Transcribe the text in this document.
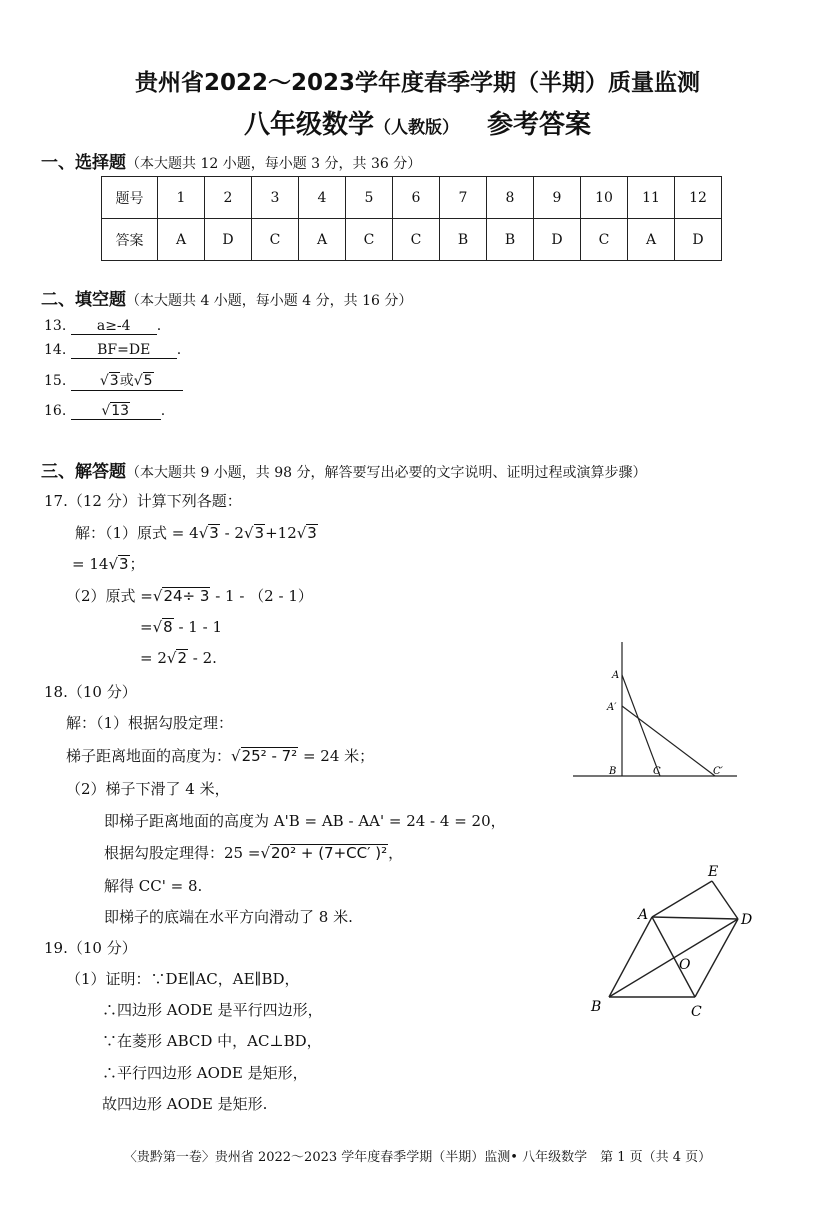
贵州省2022～2023学年度春季学期（半期）质量监测
八年级数学（人教版） 参考答案
一、选择题（本大题共 12 小题，每小题 3 分，共 36 分）
题号	1	2	3	4	5	6	7	8	9	10	11	12
答案	A	D	C	A	C	C	B	B	D	C	A	D
二、填空题（本大题共 4 小题，每小题 4 分，共 16 分）
13. a≥-4 .
14. BF=DE .
15. √3或√5
16.	√13 .
三、解答题（本大题共 9 小题，共 98 分，解答要写出必要的文字说明、证明过程或演算步骤）
17.（12 分）计算下列各题：
解：（1）原式 = 4√3 - 2√3+12√3
= 14√3；
（2）原式 =√24÷ 3 - 1 - （2 - 1）
=√8 - 1 - 1
= 2√2 - 2.
18.（10 分）
解：（1）根据勾股定理：
梯子距离地面的高度为：√25² - 7² = 24 米；
（2）梯子下滑了 4 米，
即梯子距离地面的高度为 A'B = AB - AA' = 24 - 4 = 20，
根据勾股定理得：25 =√20² + (7+CC′ )²，
解得 CC' = 8.
即梯子的底端在水平方向滑动了 8 米.
19.（10 分）
（1）证明：∵DE∥AC，AE∥BD，
∴四边形 AODE 是平行四边形，
∵在菱形 ABCD 中，AC⊥BD，
∴平行四边形 AODE 是矩形，
故四边形 AODE 是矩形.
A
A′
B	C	C′
E
A	D
O
B	C
〈贵黔第一卷〉贵州省 2022～2023 学年度春季学期（半期）监测• 八年级数学　第 1 页（共 4 页）
